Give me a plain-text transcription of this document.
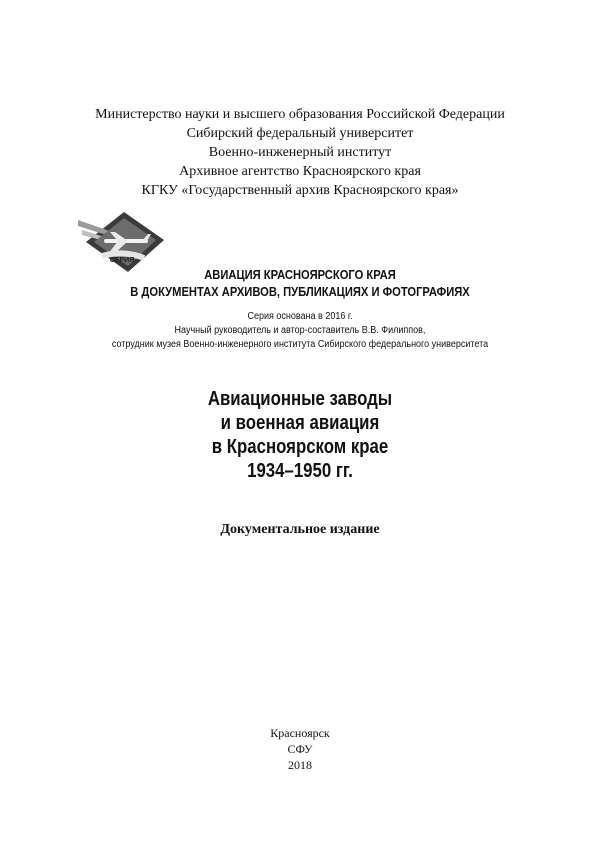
Министерство науки и высшего образования Российской Федерации
Сибирский федеральный университет
Военно-инженерный институт
Архивное агентство Красноярского края
КГКУ «Государственный архив Красноярского края»
СЕРИЯ
АВИАЦИЯ КРАСНОЯРСКОГО КРАЯ
В ДОКУМЕНТАХ АРХИВОВ, ПУБЛИКАЦИЯХ И ФОТОГРАФИЯХ
Серия основана в 2016 г.
Научный руководитель и автор-составитель В.В. Филиппов,
сотрудник музея Военно-инженерного института Сибирского федерального университета
Авиационные заводы
и военная авиация
в Красноярском крае
1934–1950 гг.
Документальное издание
Красноярск
СФУ
2018
